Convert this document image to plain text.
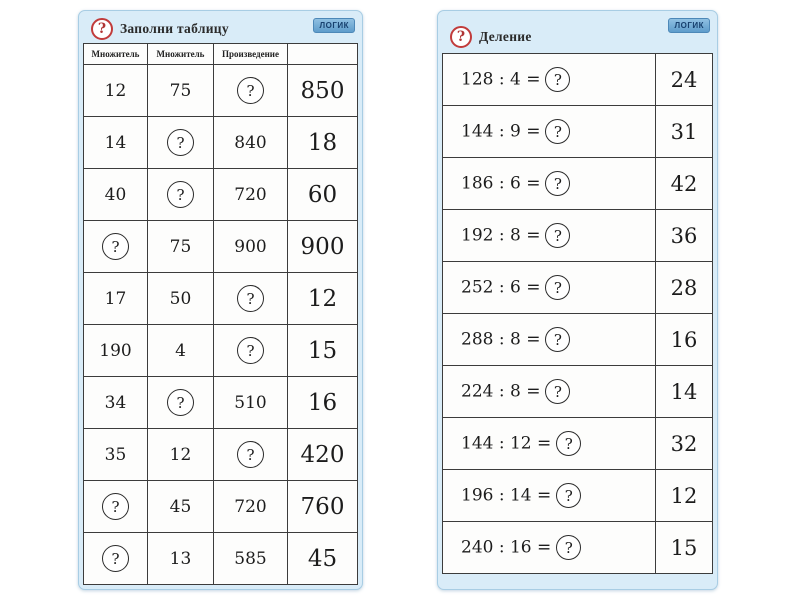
ЛОГИК
?	Заполни таблицу
Множитель	Множитель	Произведение	
12	75	?	850
14	?	840	18
40	?	720	60
?	75	900	900
17	50	?	12
190	4	?	15
34	?	510	16
35	12	?	420
?	45	720	760
?	13	585	45
ЛОГИК
?	Деление
128 : 4 = ?	24
144 : 9 = ?	31
186 : 6 = ?	42
192 : 8 = ?	36
252 : 6 = ?	28
288 : 8 = ?	16
224 : 8 = ?	14
144 : 12 = ?	32
196 : 14 = ?	12
240 : 16 = ?	15
